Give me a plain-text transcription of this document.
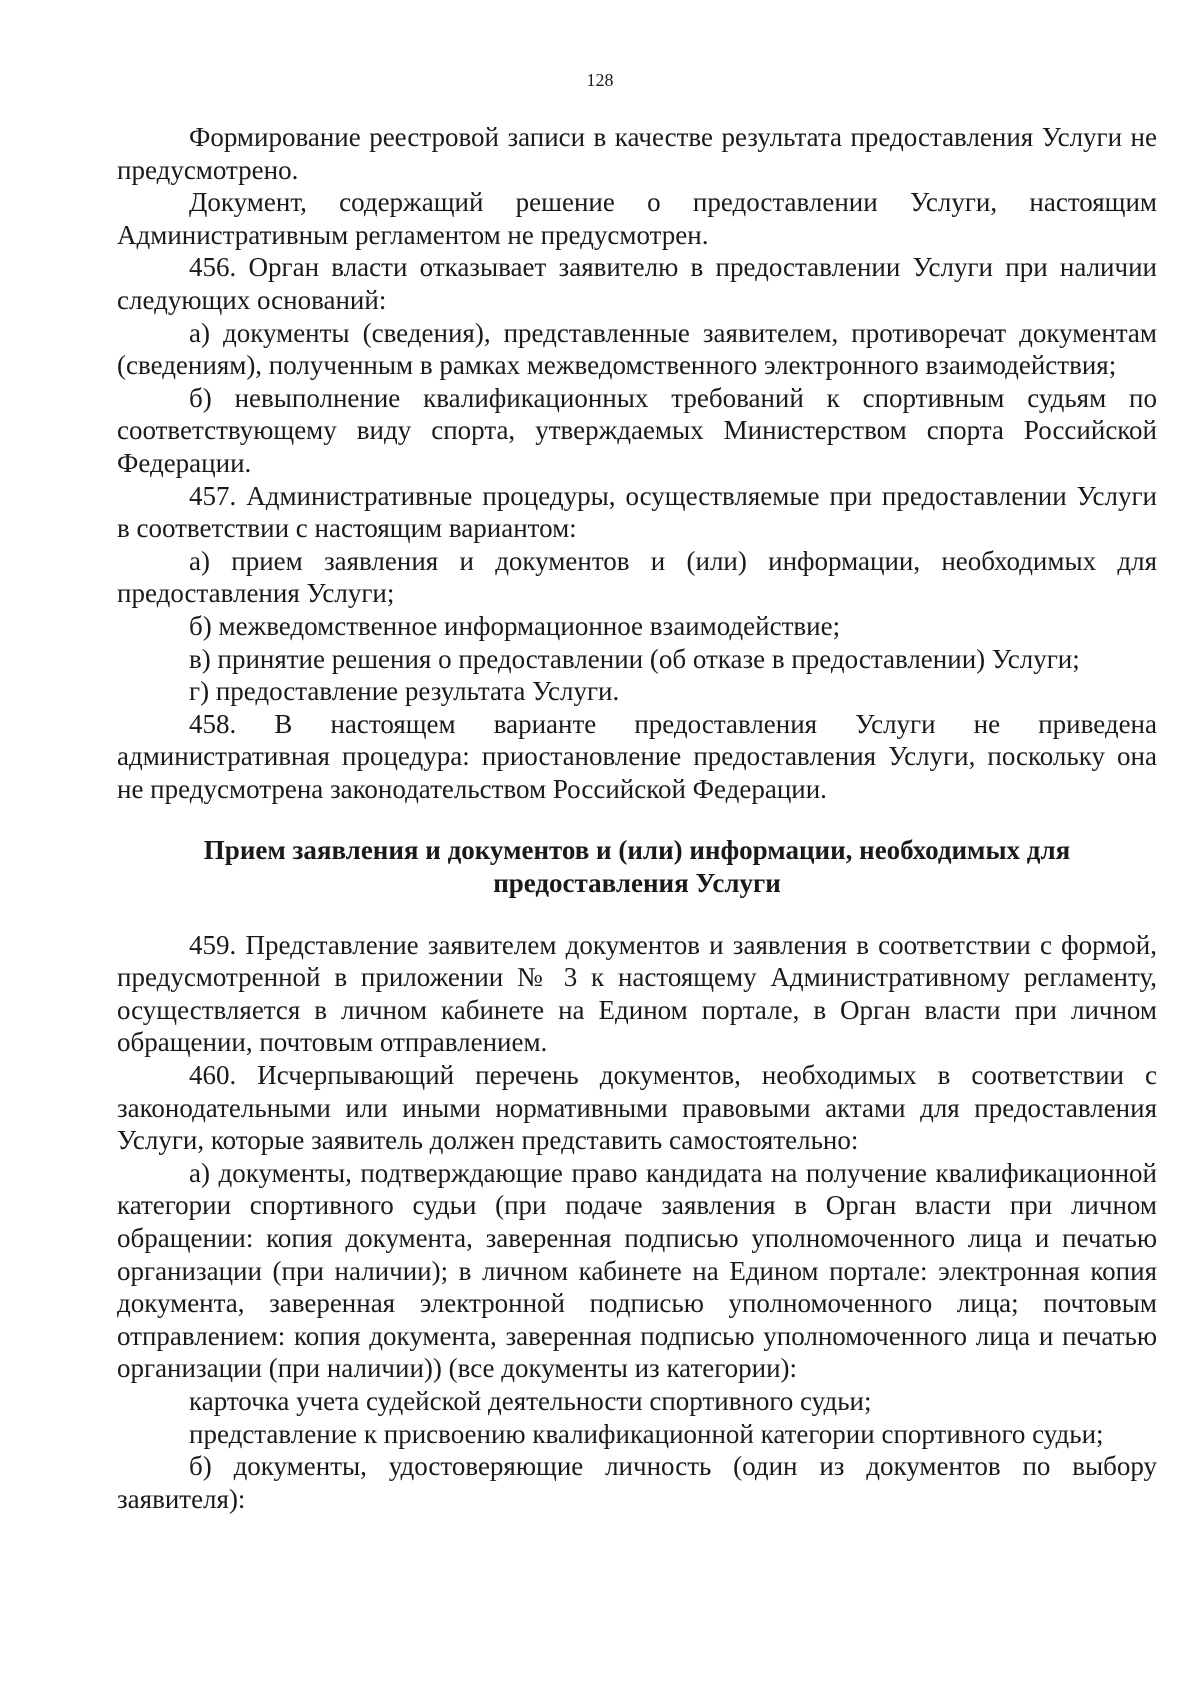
128

Формирование реестровой записи в качестве результата предоставления Услуги не предусмотрено.

Документ, содержащий решение о предоставлении Услуги, настоящим Административным регламентом не предусмотрен.

456. Орган власти отказывает заявителю в предоставлении Услуги при наличии следующих оснований:

а) документы (сведения), представленные заявителем, противоречат документам (сведениям), полученным в рамках межведомственного электронного взаимодействия;

б) невыполнение квалификационных требований к спортивным судьям по соответствующему виду спорта, утверждаемых Министерством спорта Российской Федерации.

457. Административные процедуры, осуществляемые при предоставлении Услуги в соответствии с настоящим вариантом:

а) прием заявления и документов и (или) информации, необходимых для предоставления Услуги;

б) межведомственное информационное взаимодействие;

в) принятие решения о предоставлении (об отказе в предоставлении) Услуги;

г) предоставление результата Услуги.

458. В настоящем варианте предоставления Услуги не приведена административная процедура: приостановление предоставления Услуги, поскольку она не предусмотрена законодательством Российской Федерации.

Прием заявления и документов и (или) информации, необходимых для предоставления Услуги

459. Представление заявителем документов и заявления в соответствии с формой, предусмотренной в приложении № 3 к настоящему Административному регламенту, осуществляется в личном кабинете на Едином портале, в Орган власти при личном обращении, почтовым отправлением.

460. Исчерпывающий перечень документов, необходимых в соответствии с законодательными или иными нормативными правовыми актами для предоставления Услуги, которые заявитель должен представить самостоятельно:

а) документы, подтверждающие право кандидата на получение квалификационной категории спортивного судьи (при подаче заявления в Орган власти при личном обращении: копия документа, заверенная подписью уполномоченного лица и печатью организации (при наличии); в личном кабинете на Едином портале: электронная копия документа, заверенная электронной подписью уполномоченного лица; почтовым отправлением: копия документа, заверенная подписью уполномоченного лица и печатью организации (при наличии)) (все документы из категории):

карточка учета судейской деятельности спортивного судьи;

представление к присвоению квалификационной категории спортивного судьи;

б) документы, удостоверяющие личность (один из документов по выбору заявителя):
